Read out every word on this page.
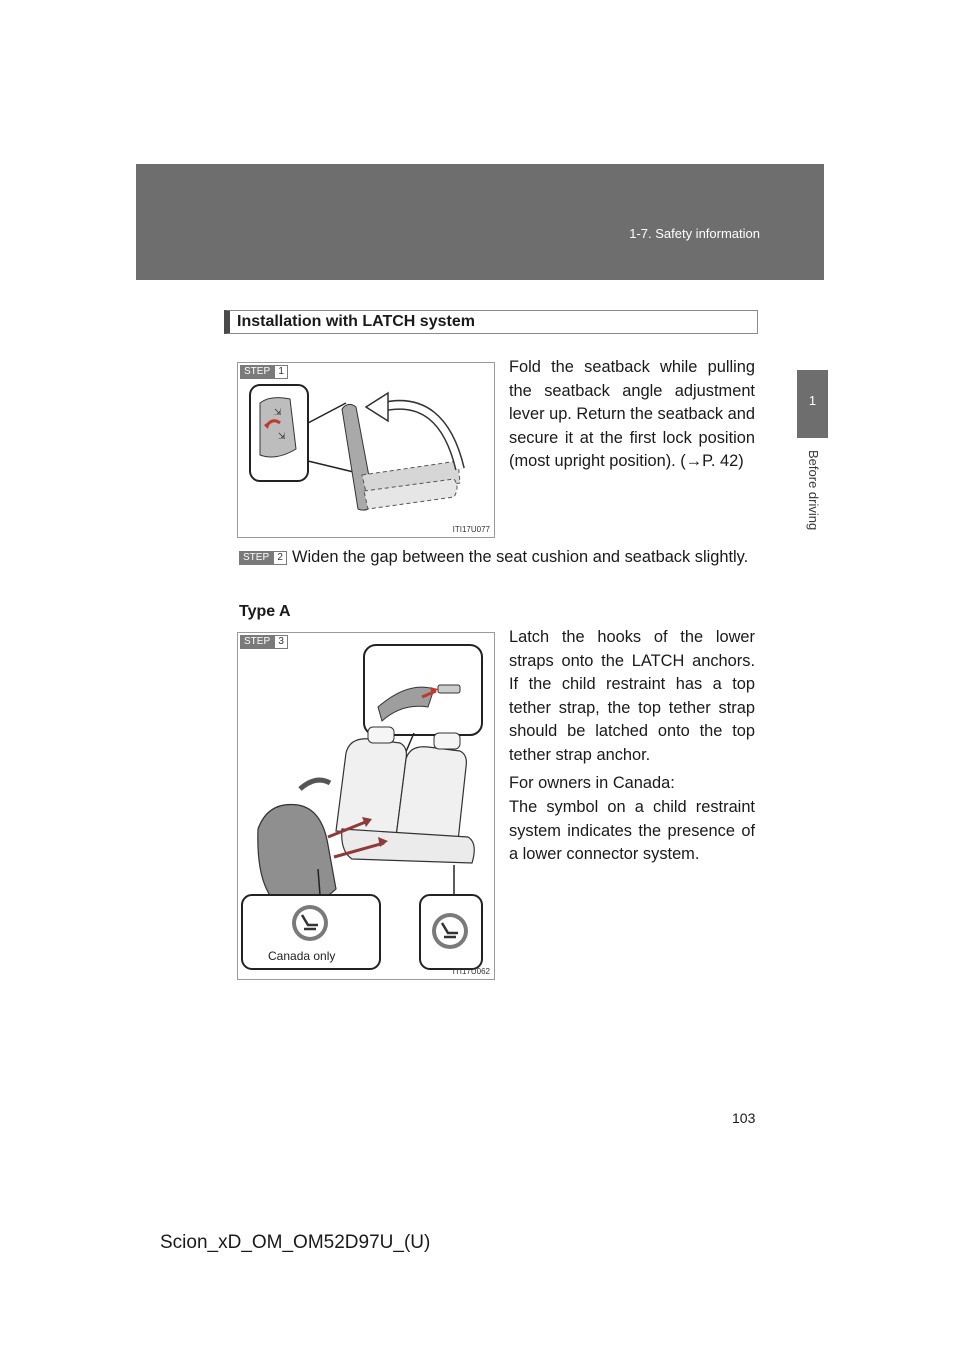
1-7. Safety information
1
Before driving
Installation with LATCH system
STEP 1
⇲
⇲
ITI17U077
Fold the seatback while pulling the seatback angle adjustment lever up. Return the seatback and secure it at the first lock position (most upright position). (→P. 42)
STEP 2 Widen the gap between the seat cushion and seatback slightly.
Type A
STEP 3
Canada only
ITI17U062
Latch the hooks of the lower straps onto the LATCH anchors. If the child restraint has a top tether strap, the top tether strap should be latched onto the top tether strap anchor.
For owners in Canada:
The symbol on a child restraint system indicates the presence of a lower connector system.
103
Scion_xD_OM_OM52D97U_(U)
